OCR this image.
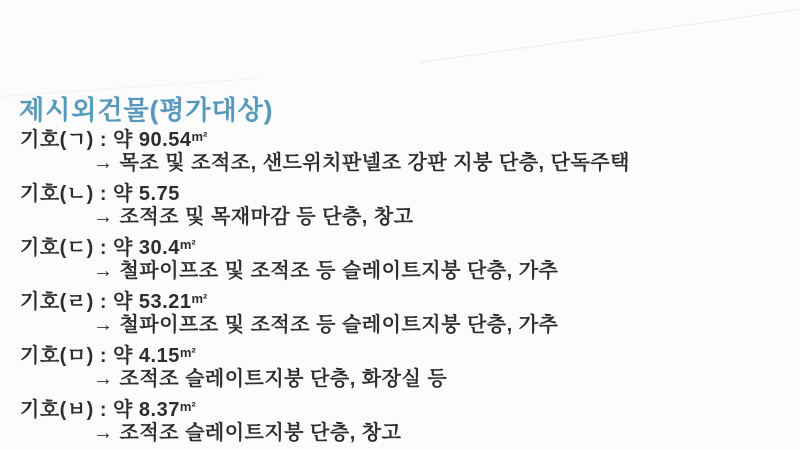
제시외건물(평가대상)
기호(ㄱ) : 약 $90.54^{m^2}$
→ 목조 및 조적조, 샌드위치판넬조 강판 지붕 단층, 단독주택
기호(ㄴ) : 약 5.75
→ 조적조 및 목재마감 등 단층, 창고
기호(ㄷ) : 약 $30.4^{m^2}$
→ 철파이프조 및 조적조 등 슬레이트지붕 단층, 가추
기호(ㄹ) : 약 $53.21^{m^2}$
→ 철파이프조 및 조적조 등 슬레이트지붕 단층, 가추
기호(ㅁ) : 약 $4.15^{m^2}$
→ 조적조 슬레이트지붕 단층, 화장실 등
기호(ㅂ) : 약 $8.37^{m^2}$
→ 조적조 슬레이트지붕 단층, 창고
